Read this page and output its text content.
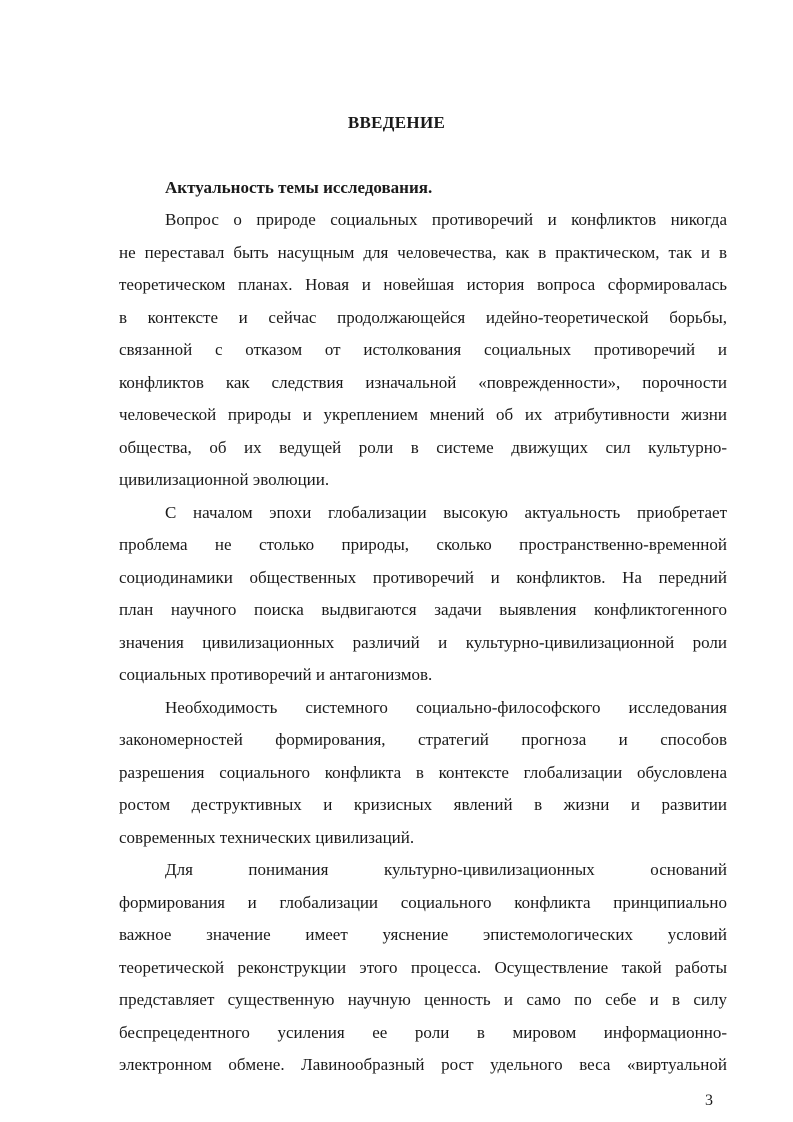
ВВЕДЕНИЕ
Актуальность темы исследования.
Вопрос о природе социальных противоречий и конфликтов никогда
не переставал быть насущным для человечества, как в практическом, так и в
теоретическом планах. Новая и новейшая история вопроса сформировалась
в контексте и сейчас продолжающейся идейно-теоретической борьбы,
связанной с отказом от истолкования социальных противоречий и
конфликтов как следствия изначальной «поврежденности», порочности
человеческой природы и укреплением мнений об их атрибутивности жизни
общества, об их ведущей роли в системе движущих сил культурно-
цивилизационной эволюции.
С началом эпохи глобализации высокую актуальность приобретает
проблема не столько природы, сколько пространственно-временной
социодинамики общественных противоречий и конфликтов. На передний
план научного поиска выдвигаются задачи выявления конфликтогенного
значения цивилизационных различий и культурно-цивилизационной роли
социальных противоречий и антагонизмов.
Необходимость системного социально-философского исследования
закономерностей формирования, стратегий прогноза и способов
разрешения социального конфликта в контексте глобализации обусловлена
ростом деструктивных и кризисных явлений в жизни и развитии
современных технических цивилизаций.
Для понимания культурно-цивилизационных оснований
формирования и глобализации социального конфликта принципиально
важное значение имеет уяснение эпистемологических условий
теоретической реконструкции этого процесса. Осуществление такой работы
представляет существенную научную ценность и само по себе и в силу
беспрецедентного усиления ее роли в мировом информационно-
электронном обмене. Лавинообразный рост удельного веса «виртуальной
3
